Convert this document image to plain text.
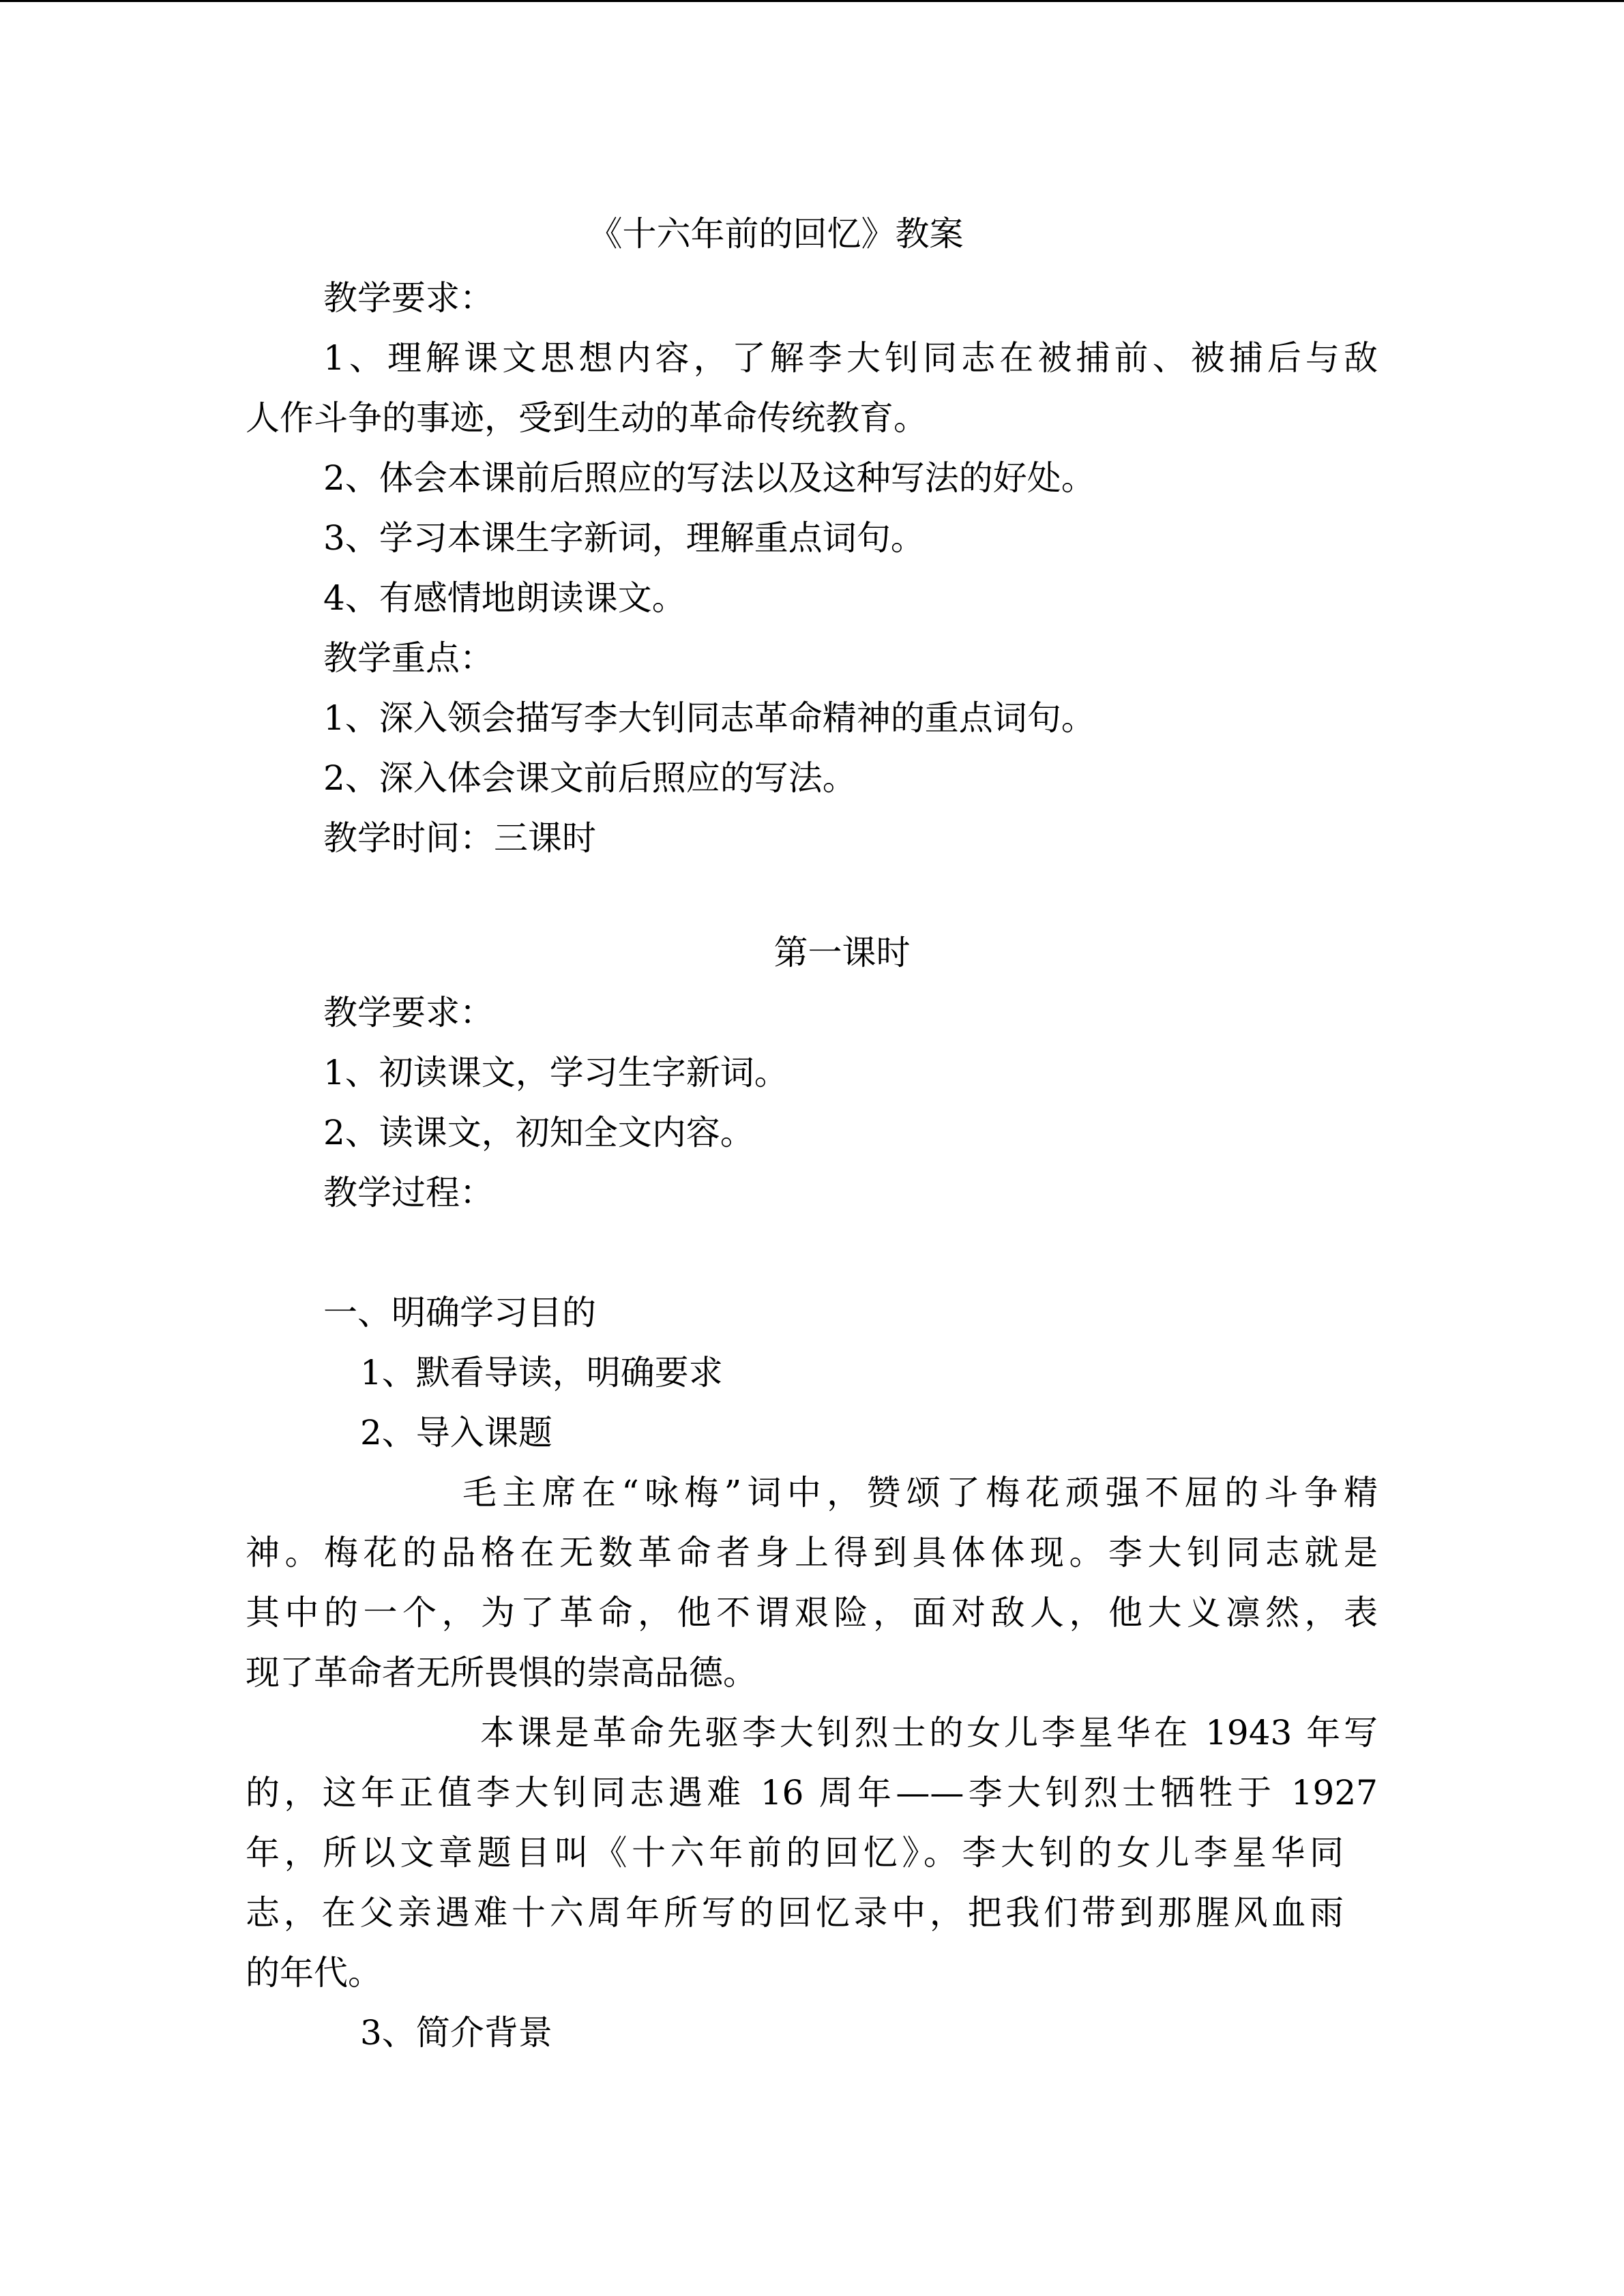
《十六年前的回忆》教案

教学要求：

1、理解课文思想内容，了解李大钊同志在被捕前、被捕后与敌
人作斗争的事迹，受到生动的革命传统教育。

2、体会本课前后照应的写法以及这种写法的好处。

3、学习本课生字新词，理解重点词句。

4、有感情地朗读课文。

教学重点：

1、深入领会描写李大钊同志革命精神的重点词句。

2、深入体会课文前后照应的写法。

教学时间：三课时

第一课时

教学要求：

1、初读课文，学习生字新词。

2、读课文，初知全文内容。

教学过程：

一、明确学习目的

1、默看导读，明确要求

2、导入课题

毛主席在“咏梅”词中，赞颂了梅花顽强不屈的斗争精
神。梅花的品格在无数革命者身上得到具体体现。李大钊同志就是
其中的一个，为了革命，他不谓艰险，面对敌人，他大义凛然，表
现了革命者无所畏惧的崇高品德。
本课是革命先驱李大钊烈士的女儿李星华在 1943 年写
的，这年正值李大钊同志遇难 16 周年——李大钊烈士牺牲于 1927
年，所以文章题目叫《十六年前的回忆》。李大钊的女儿李星华同
志，在父亲遇难十六周年所写的回忆录中，把我们带到那腥风血雨
的年代。

3、简介背景
